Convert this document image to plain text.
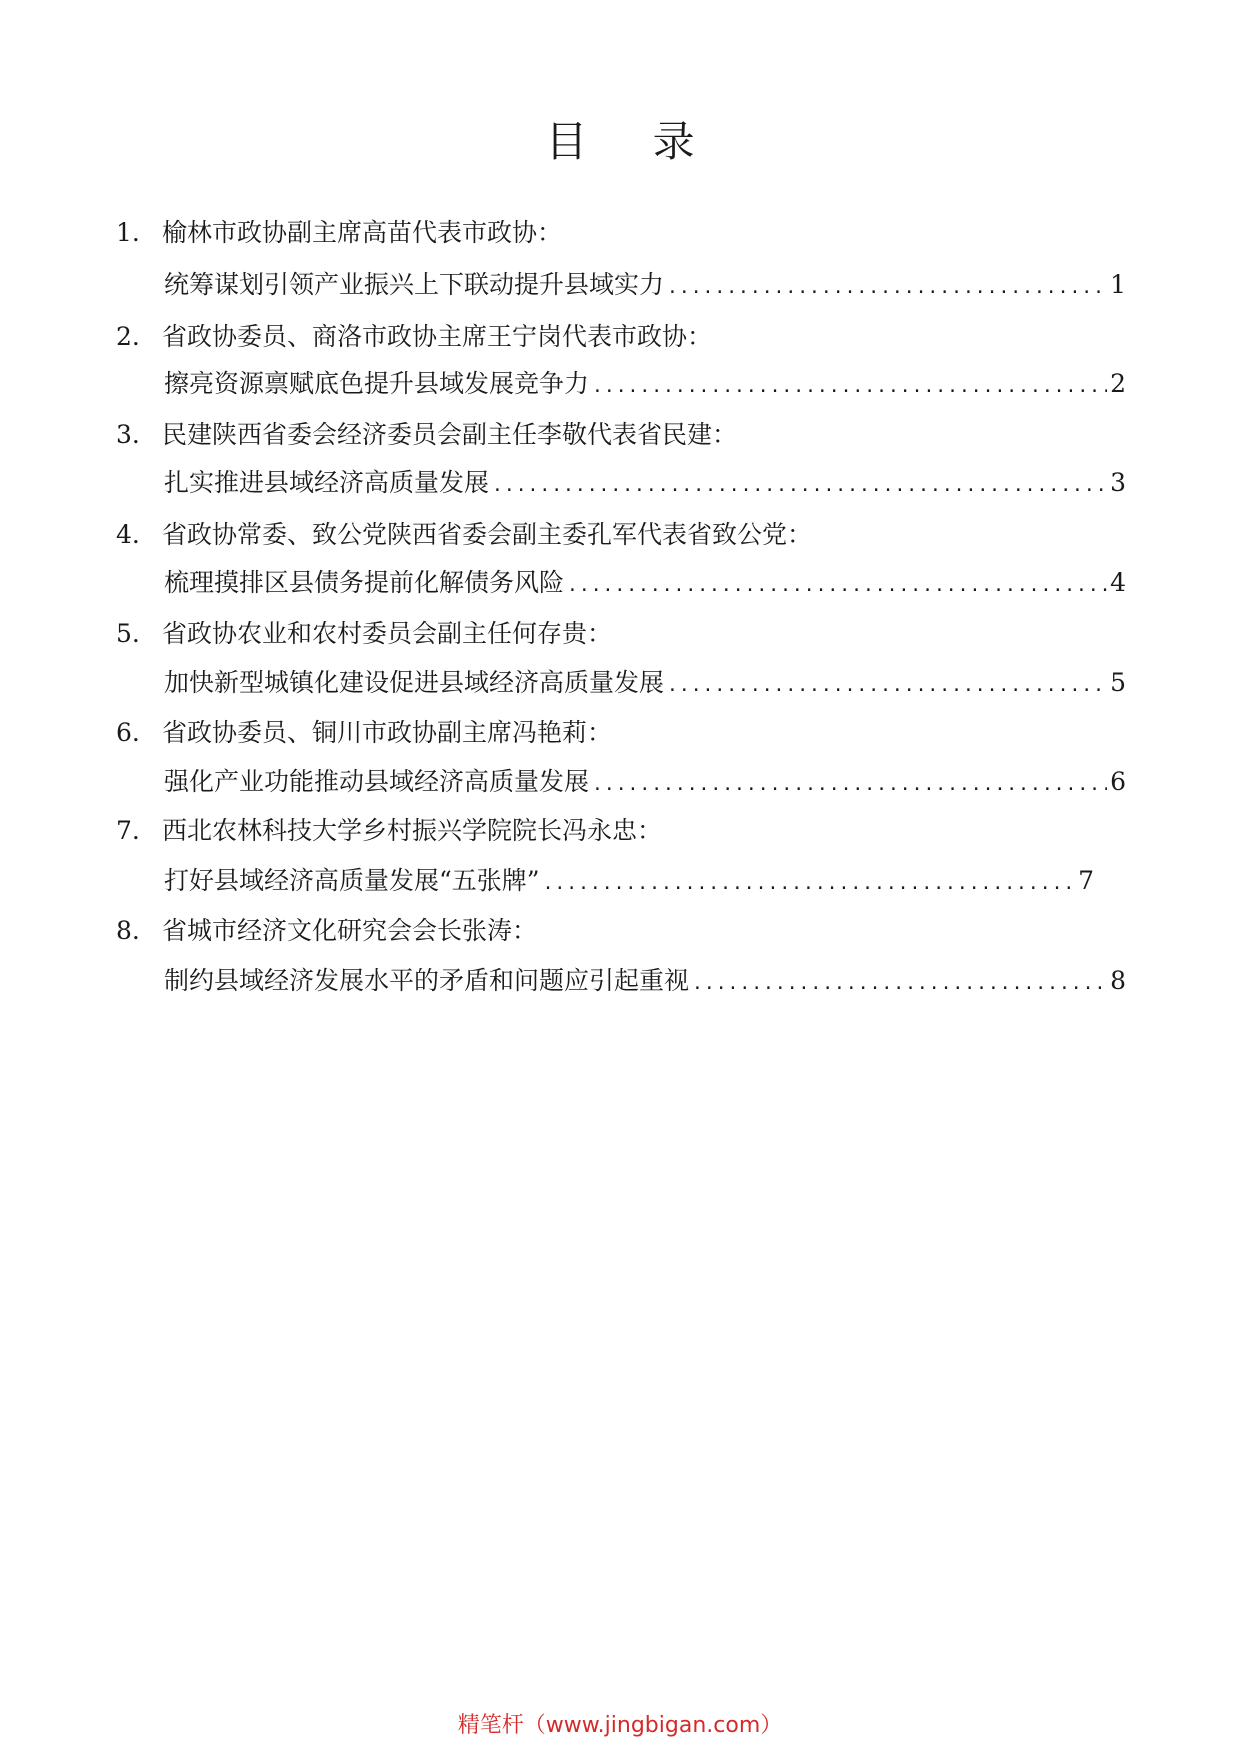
目 录
1. 榆林市政协副主席高苗代表市政协：
统筹谋划引领产业振兴上下联动提升县域实力 .....	1
2. 省政协委员、商洛市政协主席王宁岗代表市政协：
擦亮资源禀赋底色提升县域发展竞争力 .....	2
3. 民建陕西省委会经济委员会副主任李敬代表省民建：
扎实推进县域经济高质量发展 .....	3
4. 省政协常委、致公党陕西省委会副主委孔军代表省致公党：
梳理摸排区县债务提前化解债务风险 .....	4
5. 省政协农业和农村委员会副主任何存贵：
加快新型城镇化建设促进县域经济高质量发展 .....	5
6. 省政协委员、铜川市政协副主席冯艳莉：
强化产业功能推动县域经济高质量发展 .....	6
7. 西北农林科技大学乡村振兴学院院长冯永忠：
打好县域经济高质量发展“五张牌” .....	7
8. 省城市经济文化研究会会长张涛：
制约县域经济发展水平的矛盾和问题应引起重视 .....	8
精笔杆（www.jingbigan.com）
